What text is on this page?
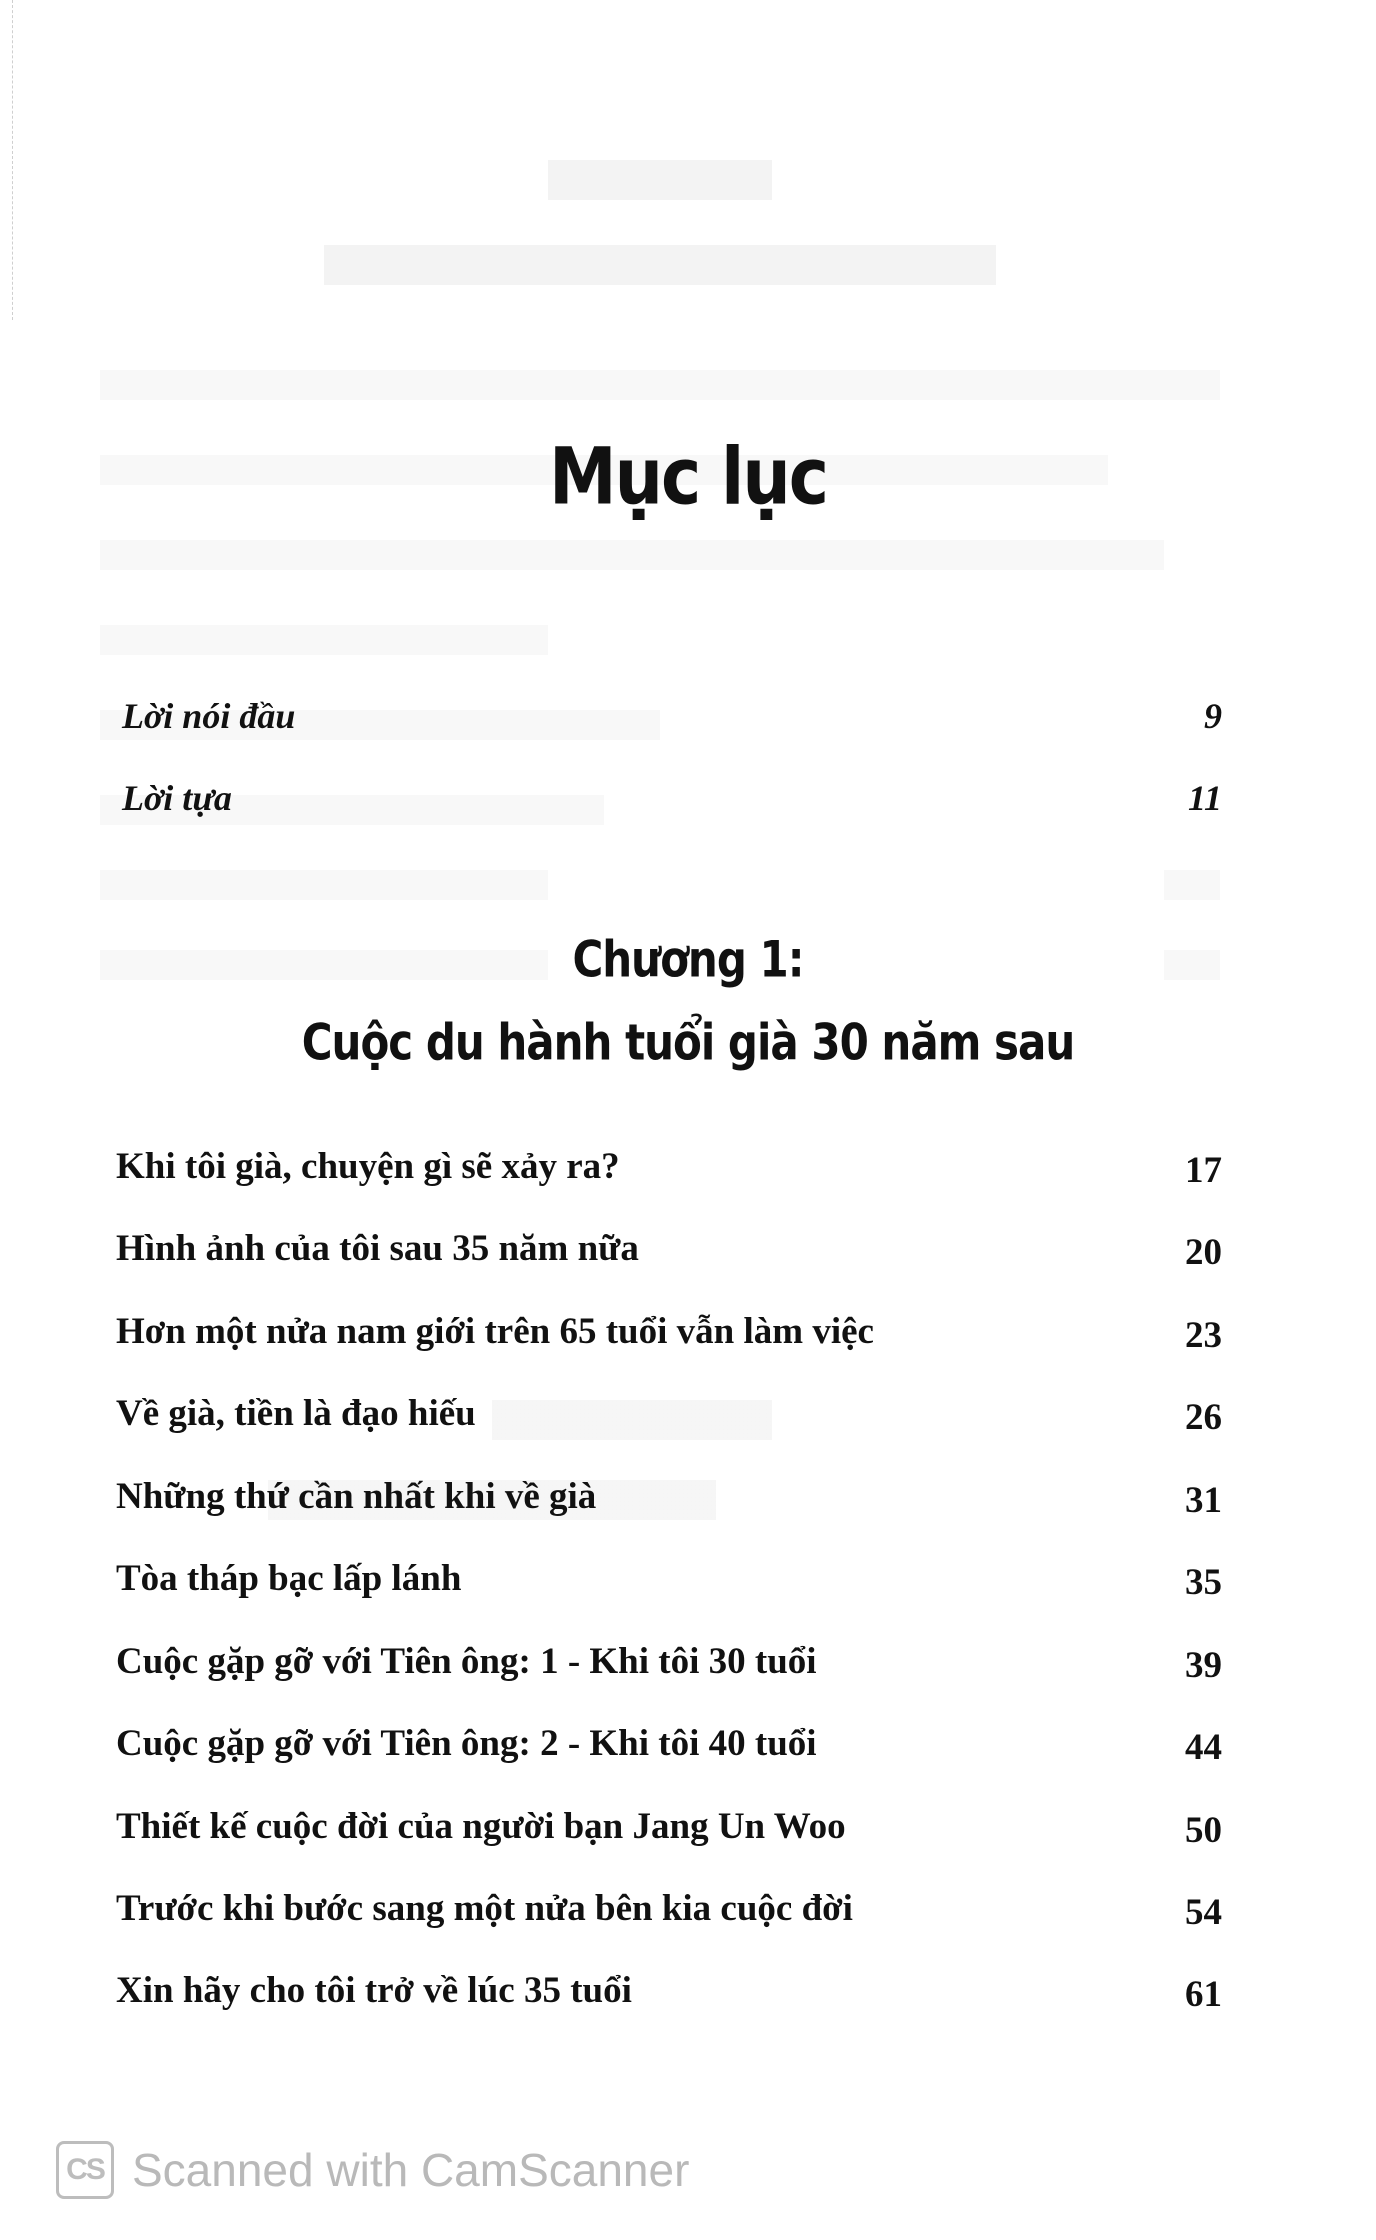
Mục lục
Lời nói đầu	9
Lời tựa	11
Chương 1:
Cuộc du hành tuổi già 30 năm sau
Khi tôi già, chuyện gì sẽ xảy ra?	17
Hình ảnh của tôi sau 35 năm nữa	20
Hơn một nửa nam giới trên 65 tuổi vẫn làm việc	23
Về già, tiền là đạo hiếu	26
Những thứ cần nhất khi về già	31
Tòa tháp bạc lấp lánh	35
Cuộc gặp gỡ với Tiên ông: 1 - Khi tôi 30 tuổi	39
Cuộc gặp gỡ với Tiên ông: 2 - Khi tôi 40 tuổi	44
Thiết kế cuộc đời của người bạn Jang Un Woo	50
Trước khi bước sang một nửa bên kia cuộc đời	54
Xin hãy cho tôi trở về lúc 35 tuổi	61
CS Scanned with CamScanner
